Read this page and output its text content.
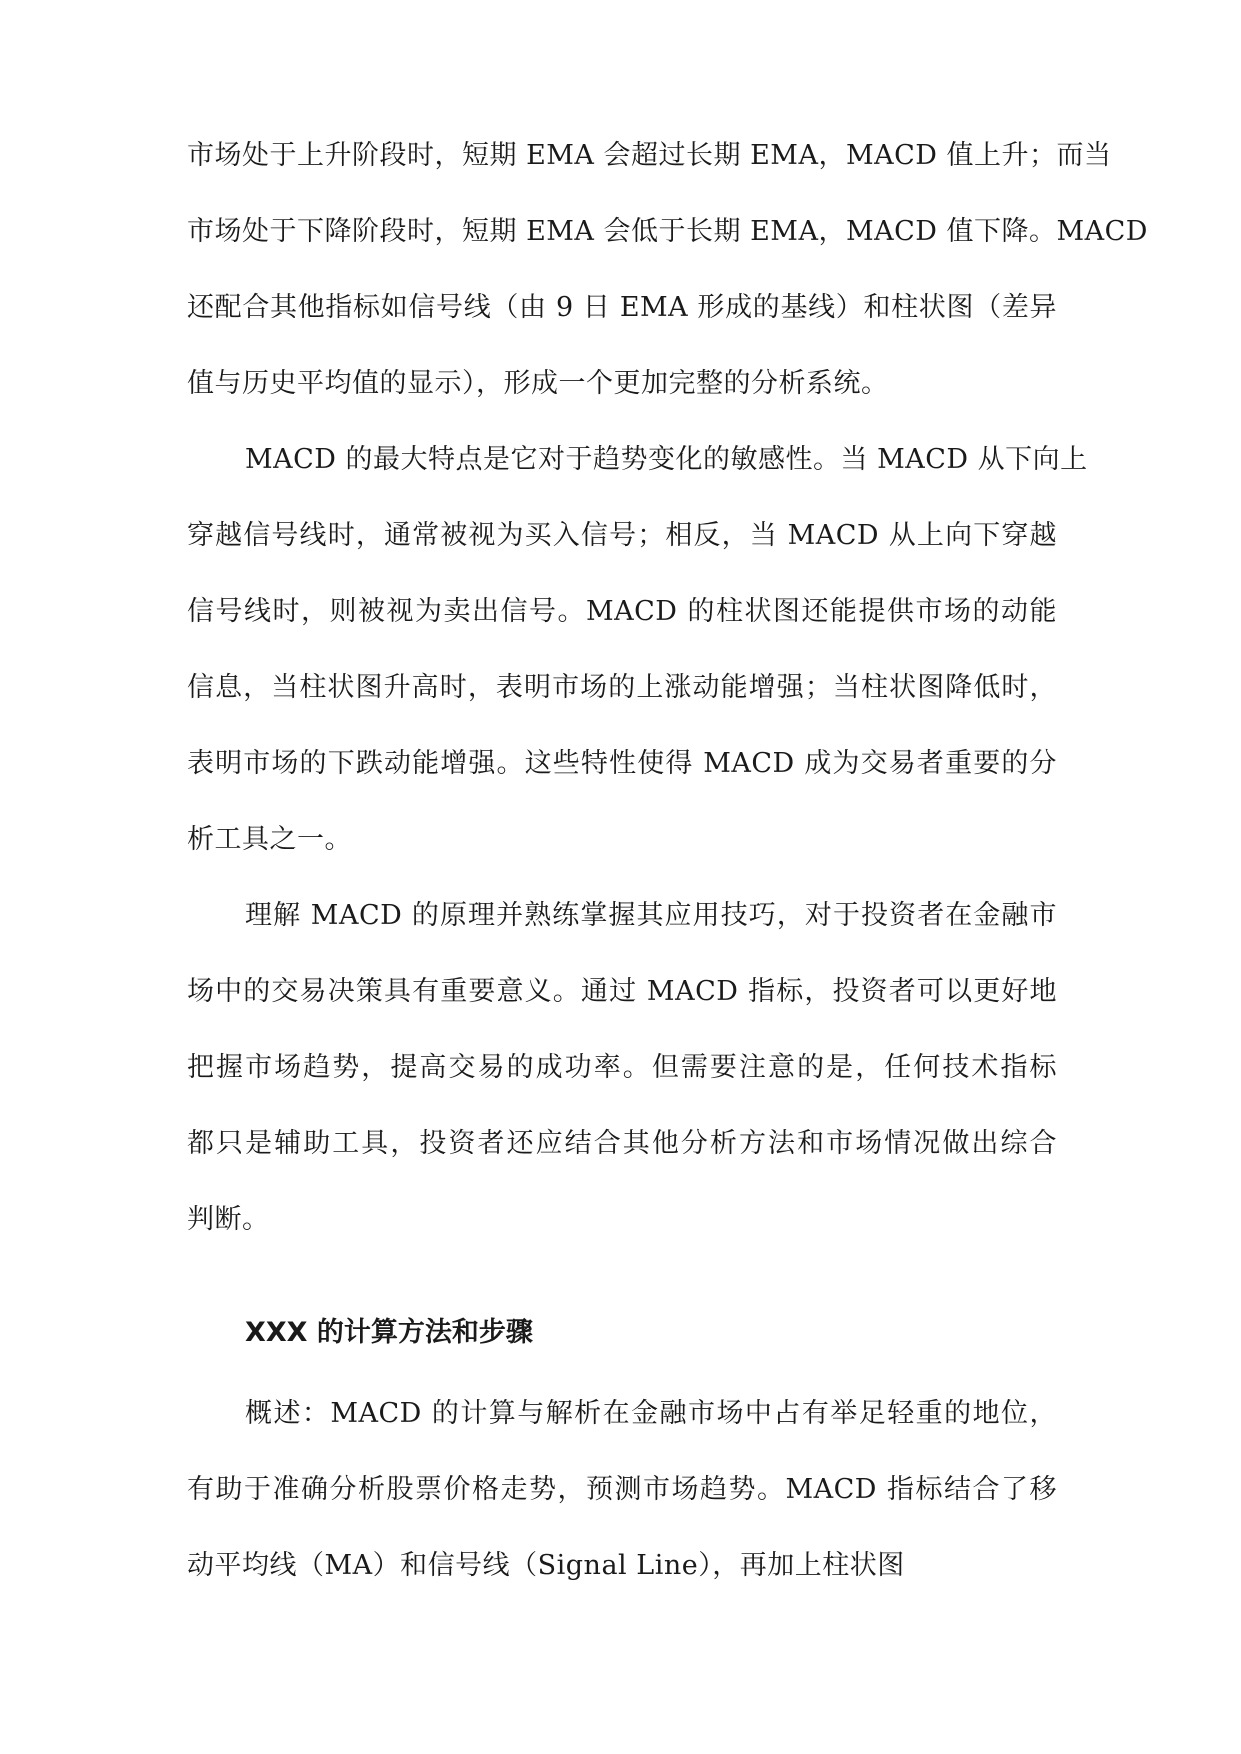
市场处于上升阶段时，短期 EMA 会超过长期 EMA，MACD 值上升；而当
市场处于下降阶段时，短期 EMA 会低于长期 EMA，MACD 值下降。MACD
还配合其他指标如信号线（由 9 日 EMA 形成的基线）和柱状图（差异
值与历史平均值的显示），形成一个更加完整的分析系统。
MACD 的最大特点是它对于趋势变化的敏感性。当 MACD 从下向上
穿越信号线时，通常被视为买入信号；相反，当 MACD 从上向下穿越
信号线时，则被视为卖出信号。MACD 的柱状图还能提供市场的动能
信息，当柱状图升高时，表明市场的上涨动能增强；当柱状图降低时，
表明市场的下跌动能增强。这些特性使得 MACD 成为交易者重要的分
析工具之一。
理解 MACD 的原理并熟练掌握其应用技巧，对于投资者在金融市
场中的交易决策具有重要意义。通过 MACD 指标，投资者可以更好地
把握市场趋势，提高交易的成功率。但需要注意的是，任何技术指标
都只是辅助工具，投资者还应结合其他分析方法和市场情况做出综合
判断。
XXX 的计算方法和步骤
概述：MACD 的计算与解析在金融市场中占有举足轻重的地位，
有助于准确分析股票价格走势，预测市场趋势。MACD 指标结合了移
动平均线（MA）和信号线（Signal Line），再加上柱状图
